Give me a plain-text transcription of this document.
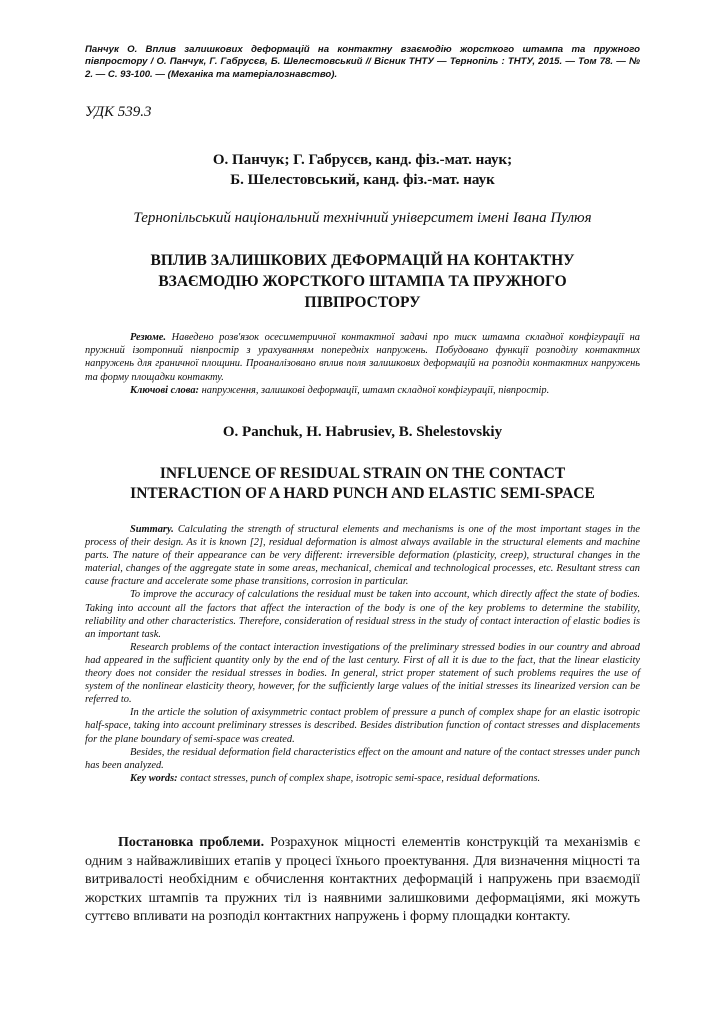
Панчук О. Вплив залишкових деформацій на контактну взаємодію жорсткого штампа та пружного півпростору / О. Панчук, Г. Габрусєв, Б. Шелестовський // Вісник ТНТУ — Тернопіль : ТНТУ, 2015. — Том 78. — № 2. — С. 93-100. — (Механіка та матеріалознавство).
УДК 539.3
О. Панчук; Г. Габрусєв, канд. фіз.-мат. наук;
Б. Шелестовський, канд. фіз.-мат. наук
Тернопільський національний технічний університет імені Івана Пулюя
ВПЛИВ ЗАЛИШКОВИХ ДЕФОРМАЦІЙ НА КОНТАКТНУ
ВЗАЄМОДІЮ ЖОРСТКОГО ШТАМПА ТА ПРУЖНОГО
ПІВПРОСТОРУ

Резюме. Наведено розв'язок осесиметричної контактної задачі про тиск штампа складної конфігурації на пружний ізотропний півпростір з урахуванням попередніх напружень. Побудовано функції розподілу контактних напружень для граничної площини. Проаналізовано вплив поля залишкових деформацій на розподіл контактних напружень та форму площадки контакту.

Ключові слова: напруження, залишкові деформації, штамп складної конфігурації, півпростір.

O. Panchuk, H. Habrusiev, B. Shelestovskiy
INFLUENCE OF RESIDUAL STRAIN ON THE CONTACT
INTERACTION OF A HARD PUNCH AND ELASTIC SEMI-SPACE

Summary. Calculating the strength of structural elements and mechanisms is one of the most important stages in the process of their design. As it is known [2], residual deformation is almost always available in the structural elements and machine parts. The nature of their appearance can be very different: irreversible deformation (plasticity, creep), structural changes in the material, changes of the aggregate state in some areas, mechanical, chemical and technological processes, etc. Resultant stress can cause fracture and accelerate some phase transitions, corrosion in particular.

To improve the accuracy of calculations the residual must be taken into account, which directly affect the state of bodies. Taking into account all the factors that affect the interaction of the body is one of the key problems to determine the stability, reliability and other characteristics. Therefore, consideration of residual stress in the study of contact interaction of elastic bodies is an important task.

Research problems of the contact interaction investigations of the preliminary stressed bodies in our country and abroad had appeared in the sufficient quantity only by the end of the last century. First of all it is due to the fact, that the linear elasticity theory does not consider the residual stresses in bodies. In general, strict proper statement of such problems requires the use of system of the nonlinear elasticity theory, however, for the sufficiently large values of the initial stresses its linearized version can be referred to.

In the article the solution of axisymmetric contact problem of pressure a punch of complex shape for an elastic isotropic half-space, taking into account preliminary stresses is described. Besides distribution function of contact stresses and displacements for the plane boundary of semi-space was created.

Besides, the residual deformation field characteristics effect on the amount and nature of the contact stresses under punch has been analyzed.

Key words: contact stresses, punch of complex shape, isotropic semi-space, residual deformations.

Постановка проблеми. Розрахунок міцності елементів конструкцій та механізмів є одним з найважливіших етапів у процесі їхнього проектування. Для визначення міцності та витривалості необхідним є обчислення контактних деформацій і напружень при взаємодії жорстких штампів та пружних тіл із наявними залишковими деформаціями, які можуть суттєво впливати на розподіл контактних напружень і форму площадки контакту.
